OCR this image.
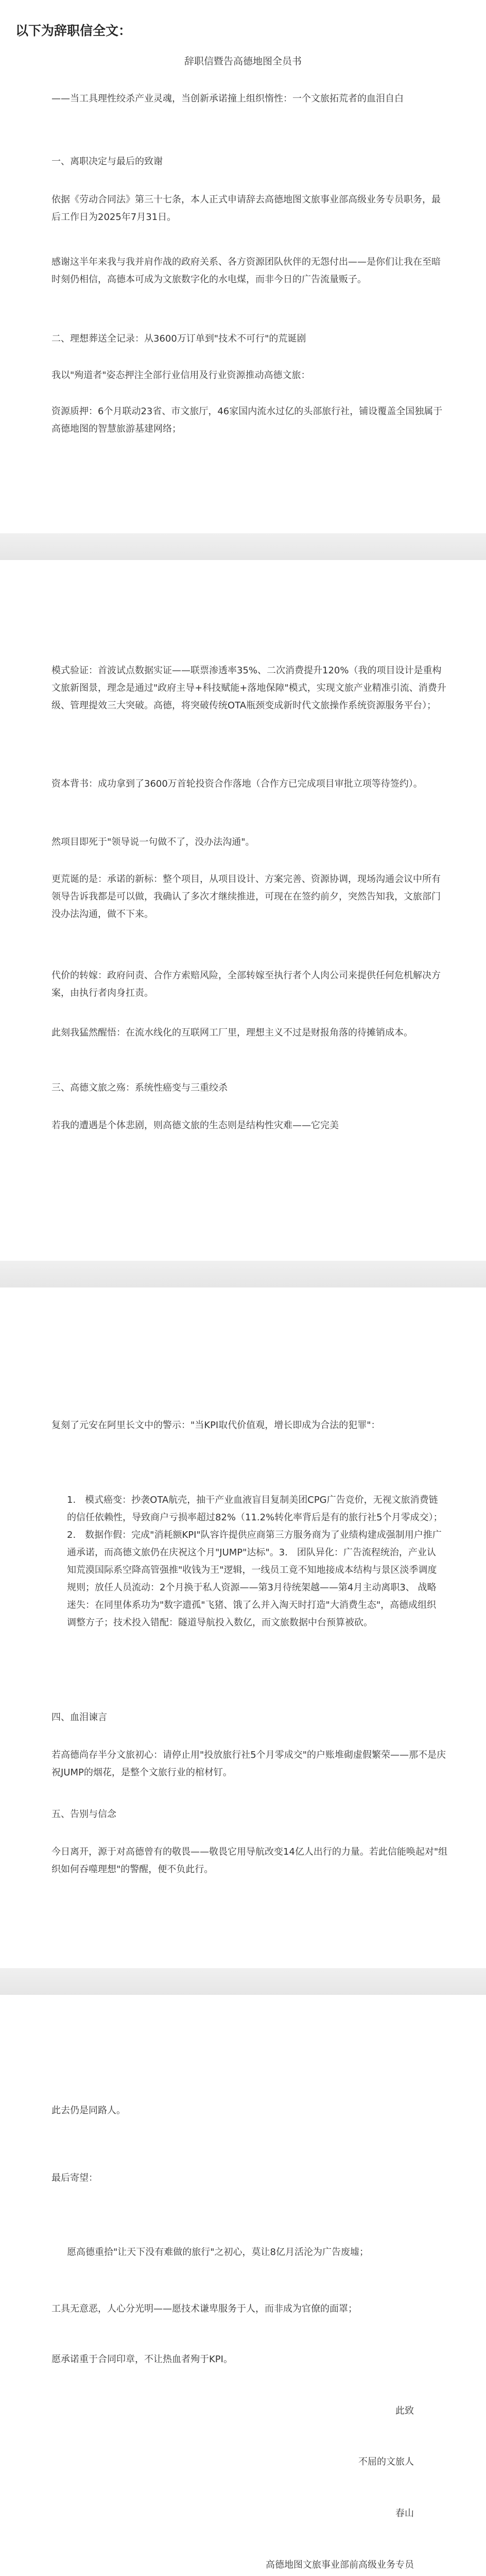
以下为辞职信全文：
辞职信暨告高德地图全员书
——当工具理性绞杀产业灵魂，当创新承诺撞上组织惰性：一个文旅拓荒者的血泪自白
一、离职决定与最后的致谢
依据《劳动合同法》第三十七条，本人正式申请辞去高德地图文旅事业部高级业务专员职务，最后工作日为2025年7月31日。
感谢这半年来我与我并肩作战的政府关系、各方资源团队伙伴的无怨付出——是你们让我在至暗时刻仍相信，高德本可成为文旅数字化的水电煤，而非今日的广告流量贩子。
二、理想葬送全记录：从3600万订单到"技术不可行"的荒诞剧
我以"殉道者"姿态押注全部行业信用及行业资源推动高德文旅：
资源质押：6个月联动23省、市文旅厅，46家国内流水过亿的头部旅行社，铺设覆盖全国独属于高德地图的智慧旅游基建网络；
模式验证：首波试点数据实证——联票渗透率35%、二次消费提升120%（我的项目设计是重构文旅新图景，理念是通过"政府主导+科技赋能+落地保障"模式，实现文旅产业精准引流、消费升级、管理提效三大突破。高德，将突破传统OTA瓶颈变成新时代文旅操作系统资源服务平台）；
资本背书：成功拿到了3600万首轮投资合作落地（合作方已完成项目审批立项等待签约）。
然项目即死于"领导说一句做不了，没办法沟通"。
更荒诞的是：承诺的新标：整个项目，从项目设计、方案完善、资源协调，现场沟通会议中所有领导告诉我都是可以做，我确认了多次才继续推进，可现在在签约前夕，突然告知我，文旅部门没办法沟通，做不下来。
代价的转嫁：政府问责、合作方索赔风险，全部转嫁至执行者个人肉公司来提供任何危机解决方案，由执行者肉身扛责。
此刻我猛然醒悟：在流水线化的互联网工厂里，理想主义不过是财报角落的待摊销成本。
三、高德文旅之殇：系统性癌变与三重绞杀
若我的遭遇是个体悲剧，则高德文旅的生态则是结构性灾难——它完美
复刻了元安在阿里长文中的警示："当KPI取代价值观，增长即成为合法的犯罪"：
1.　模式癌变：抄袭OTA航壳，抽干产业血液盲目复制美团CPG广告竞价，无视文旅消费链的信任依赖性，导致商户亏损率超过82%（11.2%转化率背后是有的旅行社5个月零成交）；2.　数据作假：完成"消耗额KPI"队容许提供应商第三方服务商为了业绩构建成强制用户推广通承诺，而高德文旅仍在庆祝这个月"JUMP"达标"。3.　团队异化：广告流程统治，产业认知荒漠国际系空降高管强推"收钱为王"逻辑，一线员工竟不知地接成本结构与景区淡季调度规则；放任人员流动：2个月换于私人资源——第3月待统架越——第4月主动离职3、 战略迷失：在同里体系功为"数字遗孤"飞猪、饿了么并入淘天时打造"大消费生态"，高德成组织调整方子；技术投入错配：隧道导航投入数亿，而文旅数据中台预算被砍。
四、血泪谏言
若高德尚存半分文旅初心：请停止用"投放旅行社5个月零成交"的户账堆砌虚假繁荣——那不是庆祝JUMP的烟花，是整个文旅行业的棺材钉。
五、告别与信念
今日离开，源于对高德曾有的敬畏——敬畏它用导航改变14亿人出行的力量。若此信能唤起对"组织如何吞噬理想"的警醒，便不负此行。
此去仍是同路人。
最后寄望：
愿高德重拾"让天下没有难做的旅行"之初心，莫让8亿月活沦为广告废墟；
工具无意恶，人心分光明——愿技术谦卑服务于人，而非成为官僚的面罩；
愿承诺重于合同印章，不让热血者殉于KPI。
此致
不屈的文旅人
春山
高德地图文旅事业部前高级业务专员
